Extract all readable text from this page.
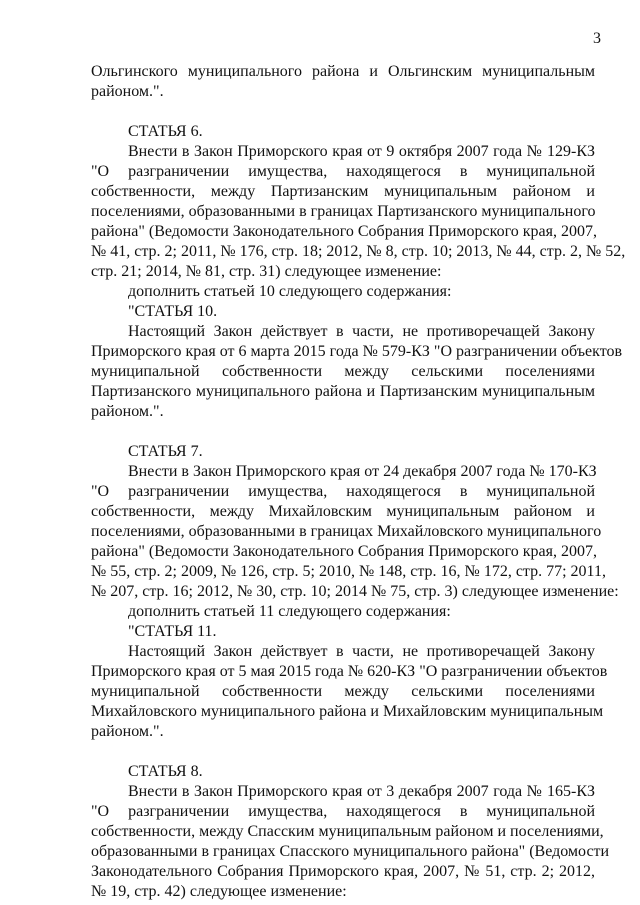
3
Ольгинского муниципального района и Ольгинским муниципальным
районом.".
СТАТЬЯ 6.
Внести в Закон Приморского края от 9 октября 2007 года № 129-КЗ
"О разграничении имущества, находящегося в муниципальной
собственности, между Партизанским муниципальным районом и
поселениями, образованными в границах Партизанского муниципального
района" (Ведомости Законодательного Собрания Приморского края, 2007,
№ 41, стр. 2; 2011, № 176, стр. 18; 2012, № 8, стр. 10; 2013, № 44, стр. 2, № 52,
стр. 21; 2014, № 81, стр. 31) следующее изменение:
дополнить статьей 10 следующего содержания:
"СТАТЬЯ 10.
Настоящий Закон действует в части, не противоречащей Закону
Приморского края от 6 марта 2015 года № 579-КЗ "О разграничении объектов
муниципальной собственности между сельскими поселениями
Партизанского муниципального района и Партизанским муниципальным
районом.".
СТАТЬЯ 7.
Внести в Закон Приморского края от 24 декабря 2007 года № 170-КЗ
"О разграничении имущества, находящегося в муниципальной
собственности, между Михайловским муниципальным районом и
поселениями, образованными в границах Михайловского муниципального
района" (Ведомости Законодательного Собрания Приморского края, 2007,
№ 55, стр. 2; 2009, № 126, стр. 5; 2010, № 148, стр. 16, № 172, стр. 77; 2011,
№ 207, стр. 16; 2012, № 30, стр. 10; 2014 № 75, стр. 3) следующее изменение:
дополнить статьей 11 следующего содержания:
"СТАТЬЯ 11.
Настоящий Закон действует в части, не противоречащей Закону
Приморского края от 5 мая 2015 года № 620-КЗ "О разграничении объектов
муниципальной собственности между сельскими поселениями
Михайловского муниципального района и Михайловским муниципальным
районом.".
СТАТЬЯ 8.
Внести в Закон Приморского края от 3 декабря 2007 года № 165-КЗ
"О разграничении имущества, находящегося в муниципальной
собственности, между Спасским муниципальным районом и поселениями,
образованными в границах Спасского муниципального района" (Ведомости
Законодательного Собрания Приморского края, 2007, № 51, стр. 2; 2012,
№ 19, стр. 42) следующее изменение:
